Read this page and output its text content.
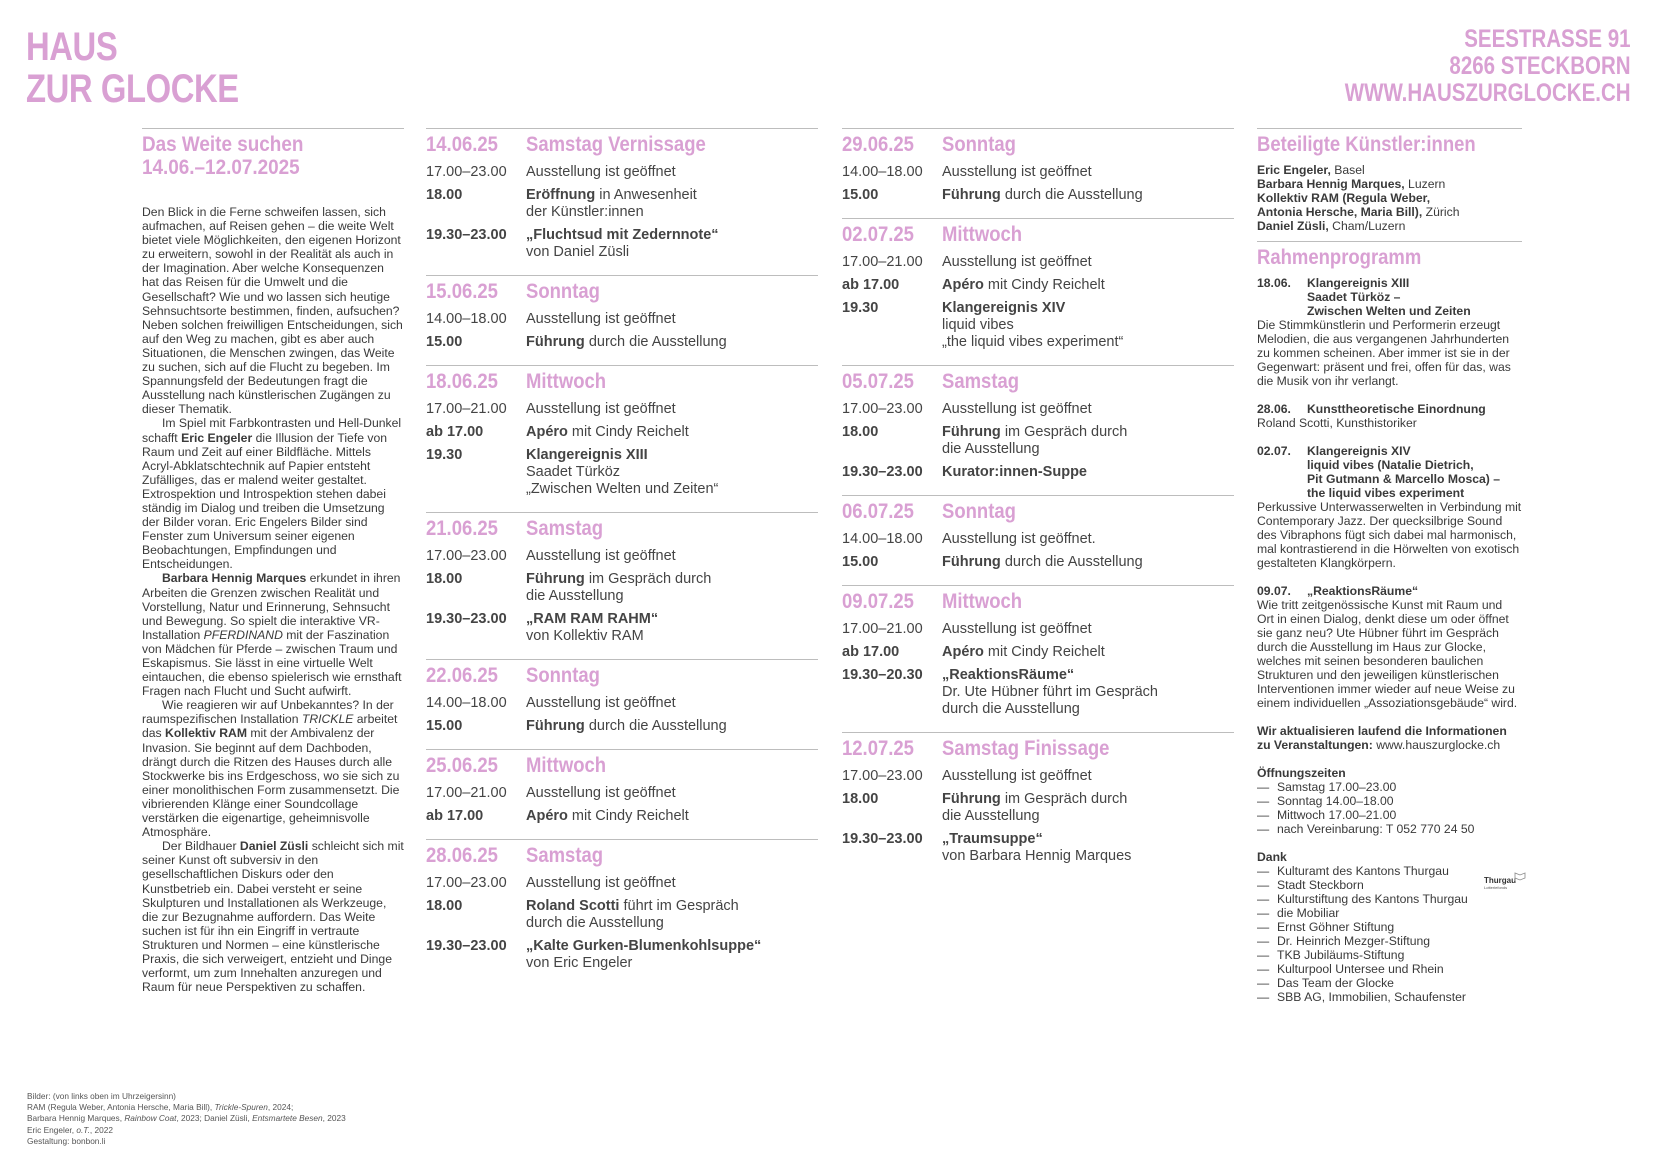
HAUS
ZUR GLOCKE
SEESTRASSE 91
8266 STECKBORN
WWW.HAUSZURGLOCKE.CH
Das Weite suchen
14.06.–12.07.2025

Den Blick in die Ferne schweifen lassen, sich aufmachen, auf Reisen gehen – die weite Welt bietet viele Möglichkeiten, den eigenen Horizont zu erweitern, sowohl in der Realität als auch in der Imagination. Aber welche Konsequenzen hat das Reisen für die Umwelt und die Gesellschaft? Wie und wo lassen sich heutige Sehnsuchtsorte bestimmen, finden, aufsuchen? Neben solchen freiwilligen Entscheidungen, sich auf den Weg zu machen, gibt es aber auch Situationen, die Menschen zwingen, das Weite zu suchen, sich auf die Flucht zu begeben. Im Spannungsfeld der Bedeutungen fragt die Ausstellung nach künstlerischen Zugängen zu dieser Thematik.

Im Spiel mit Farbkontrasten und Hell-Dunkel schafft Eric Engeler die Illusion der Tiefe von Raum und Zeit auf einer Bildfläche. Mittels Acryl-Abklatschtechnik auf Papier entsteht Zufälliges, das er malend weiter gestaltet. Extrospektion und Introspektion stehen dabei ständig im Dialog und treiben die Umsetzung der Bilder voran. Eric Engelers Bilder sind Fenster zum Universum seiner eigenen Beobachtungen, Empfindungen und Entscheidungen.

Barbara Hennig Marques erkundet in ihren Arbeiten die Grenzen zwischen Realität und Vorstellung, Natur und Erinnerung, Sehnsucht und Bewegung. So spielt die interaktive VR-Installation PFERDINAND mit der Faszination von Mädchen für Pferde – zwischen Traum und Eskapismus. Sie lässt in eine virtuelle Welt eintauchen, die ebenso spielerisch wie ernsthaft Fragen nach Flucht und Sucht aufwirft.

Wie reagieren wir auf Unbekanntes? In der raumspezifischen Installation TRICKLE arbeitet das Kollektiv RAM mit der Ambivalenz der Invasion. Sie beginnt auf dem Dachboden, drängt durch die Ritzen des Hauses durch alle Stockwerke bis ins Erdgeschoss, wo sie sich zu einer monolithischen Form zusammensetzt. Die vibrierenden Klänge einer Soundcollage verstärken die eigenartige, geheimnisvolle Atmosphäre.

Der Bildhauer Daniel Züsli schleicht sich mit seiner Kunst oft subversiv in den gesellschaftlichen Diskurs oder den Kunstbetrieb ein. Dabei versteht er seine Skulpturen und Installationen als Werkzeuge, die zur Bezugnahme auffordern. Das Weite suchen ist für ihn ein Eingriff in vertraute Strukturen und Normen – eine künstlerische Praxis, die sich verweigert, entzieht und Dinge verformt, um zum Innehalten anzuregen und Raum für neue Perspektiven zu schaffen.

14.06.25	Samstag Vernissage
17.00–23.00	Ausstellung ist geöffnet
18.00	Eröffnung in Anwesenheit
der Künstler:innen
19.30–23.00	„Fluchtsud mit Zedernnote“
von Daniel Züsli
15.06.25	Sonntag
14.00–18.00	Ausstellung ist geöffnet
15.00	Führung durch die Ausstellung
18.06.25	Mittwoch
17.00–21.00	Ausstellung ist geöffnet
ab 17.00	Apéro mit Cindy Reichelt
19.30	Klangereignis XIII
Saadet Türköz
„Zwischen Welten und Zeiten“
21.06.25	Samstag
17.00–23.00	Ausstellung ist geöffnet
18.00	Führung im Gespräch durch
die Ausstellung
19.30–23.00	„RAM RAM RAHM“
von Kollektiv RAM
22.06.25	Sonntag
14.00–18.00	Ausstellung ist geöffnet
15.00	Führung durch die Ausstellung
25.06.25	Mittwoch
17.00–21.00	Ausstellung ist geöffnet
ab 17.00	Apéro mit Cindy Reichelt
28.06.25	Samstag
17.00–23.00	Ausstellung ist geöffnet
18.00	Roland Scotti führt im Gespräch
durch die Ausstellung
19.30–23.00	„Kalte Gurken-Blumenkohlsuppe“
von Eric Engeler
29.06.25	Sonntag
14.00–18.00	Ausstellung ist geöffnet
15.00	Führung durch die Ausstellung
02.07.25	Mittwoch
17.00–21.00	Ausstellung ist geöffnet
ab 17.00	Apéro mit Cindy Reichelt
19.30	Klangereignis XIV
liquid vibes
„the liquid vibes experiment“
05.07.25	Samstag
17.00–23.00	Ausstellung ist geöffnet
18.00	Führung im Gespräch durch
die Ausstellung
19.30–23.00	Kurator:innen-Suppe
06.07.25	Sonntag
14.00–18.00	Ausstellung ist geöffnet.
15.00	Führung durch die Ausstellung
09.07.25	Mittwoch
17.00–21.00	Ausstellung ist geöffnet
ab 17.00	Apéro mit Cindy Reichelt
19.30–20.30	„ReaktionsRäume“
Dr. Ute Hübner führt im Gespräch
durch die Ausstellung
12.07.25	Samstag Finissage
17.00–23.00	Ausstellung ist geöffnet
18.00	Führung im Gespräch durch
die Ausstellung
19.30–23.00	„Traumsuppe“
von Barbara Hennig Marques
Beteiligte Künstler:innen
Eric Engeler, Basel
Barbara Hennig Marques, Luzern
Kollektiv RAM (Regula Weber,
Antonia Hersche, Maria Bill), Zürich
Daniel Züsli, Cham/Luzern
Rahmenprogramm
18.06.	Klangereignis XIII
Saadet Türköz –
Zwischen Welten und Zeiten
Die Stimmkünstlerin und Performerin erzeugt Melodien, die aus vergangenen Jahrhunderten zu kommen scheinen. Aber immer ist sie in der Gegenwart: präsent und frei, offen für das, was die Musik von ihr verlangt.
28.06.	Kunsttheoretische Einordnung
Roland Scotti, Kunsthistoriker
02.07.	Klangereignis XIV
liquid vibes (Natalie Dietrich,
Pit Gutmann & Marcello Mosca) –
the liquid vibes experiment
Perkussive Unterwasserwelten in Verbindung mit Contemporary Jazz. Der quecksilbrige Sound des Vibraphons fügt sich dabei mal harmonisch, mal kontrastierend in die Hörwelten von exotisch gestalteten Klangkörpern.
09.07.	„ReaktionsRäume“
Wie tritt zeitgenössische Kunst mit Raum und Ort in einen Dialog, denkt diese um oder öffnet sie ganz neu? Ute Hübner führt im Gespräch durch die Ausstellung im Haus zur Glocke, welches mit seinen besonderen baulichen Strukturen und den jeweiligen künstlerischen Interventionen immer wieder auf neue Weise zu einem individuellen „Assoziationsgebäude“ wird.
Wir aktualisieren laufend die Informationen zu Veranstaltungen: www.hauszurglocke.ch
Öffnungszeiten
— Samstag 17.00–23.00
— Sonntag 14.00–18.00
— Mittwoch 17.00–21.00
— nach Vereinbarung: T 052 770 24 50
Dank
— Kulturamt des Kantons Thurgau
— Stadt Steckborn
— Kulturstiftung des Kantons Thurgau
— die Mobiliar
— Ernst Göhner Stiftung
— Dr. Heinrich Mezger-Stiftung
— TKB Jubiläums-Stiftung
— Kulturpool Untersee und Rhein
— Das Team der Glocke
— SBB AG, Immobilien, Schaufenster
Thurgau
Lotteriefonds
Bilder: (von links oben im Uhrzeigersinn)
RAM (Regula Weber, Antonia Hersche, Maria Bill), Trickle-Spuren, 2024;
Barbara Hennig Marques, Rainbow Coat, 2023; Daniel Züsli, Entsmartete Besen, 2023
Eric Engeler, o.T., 2022
Gestaltung: bonbon.li
